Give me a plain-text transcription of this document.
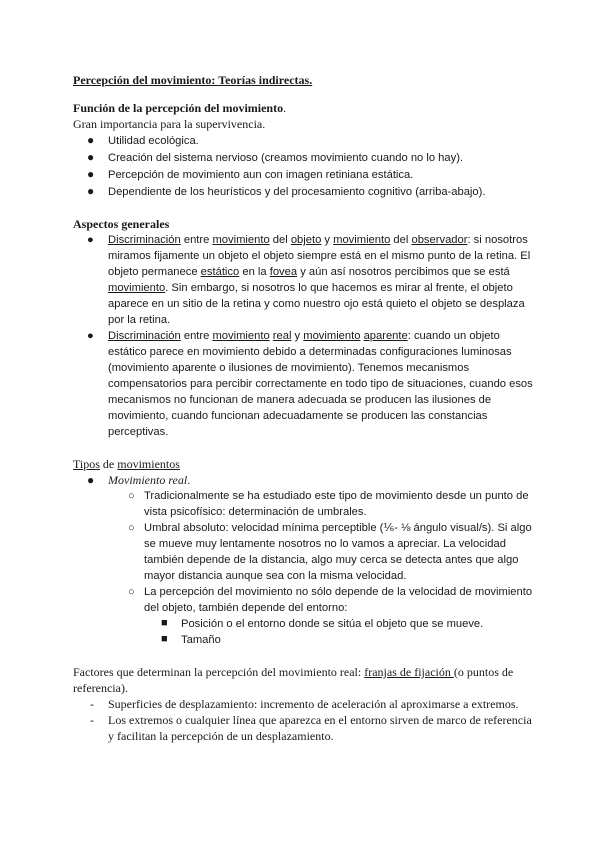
Percepción del movimiento: Teorías indirectas.
Función de la percepción del movimiento.
Gran importancia para la supervivencia.
● Utilidad ecológica.
● Creación del sistema nervioso (creamos movimiento cuando no lo hay).
● Percepción de movimiento aun con imagen retiniana estática.
● Dependiente de los heurísticos y del procesamiento cognitivo (arriba-abajo).
Aspectos generales
● Discriminación entre movimiento del objeto y movimiento del observador: si nosotros miramos fijamente un objeto el objeto siempre está en el mismo punto de la retina. El objeto permanece estático en la fovea y aún así nosotros percibimos que se está movimiento. Sin embargo, si nosotros lo que hacemos es mirar al frente, el objeto aparece en un sitio de la retina y como nuestro ojo está quieto el objeto se desplaza por la retina.
● Discriminación entre movimiento real y movimiento aparente: cuando un objeto estático parece en movimiento debido a determinadas configuraciones luminosas (movimiento aparente o ilusiones de movimiento). Tenemos mecanismos compensatorios para percibir correctamente en todo tipo de situaciones, cuando esos mecanismos no funcionan de manera adecuada se producen las ilusiones de movimiento, cuando funcionan adecuadamente se producen las constancias perceptivas.
Tipos de movimientos
● Movimiento real.
○ Tradicionalmente se ha estudiado este tipo de movimiento desde un punto de vista psicofísico: determinación de umbrales.
○ Umbral absoluto: velocidad mínima perceptible (⅙- ⅛ ángulo visual/s). Si algo se mueve muy lentamente nosotros no lo vamos a apreciar. La velocidad también depende de la distancia, algo muy cerca se detecta antes que algo mayor distancia aunque sea con la misma velocidad.
○ La percepción del movimiento no sólo depende de la velocidad de movimiento del objeto, también depende del entorno:
■ Posición o el entorno donde se sitúa el objeto que se mueve.
■ Tamaño
Factores que determinan la percepción del movimiento real: franjas de fijación (o puntos de referencia).
- Superficies de desplazamiento: incremento de aceleración al aproximarse a extremos.
- Los extremos o cualquier línea que aparezca en el entorno sirven de marco de referencia y facilitan la percepción de un desplazamiento.
